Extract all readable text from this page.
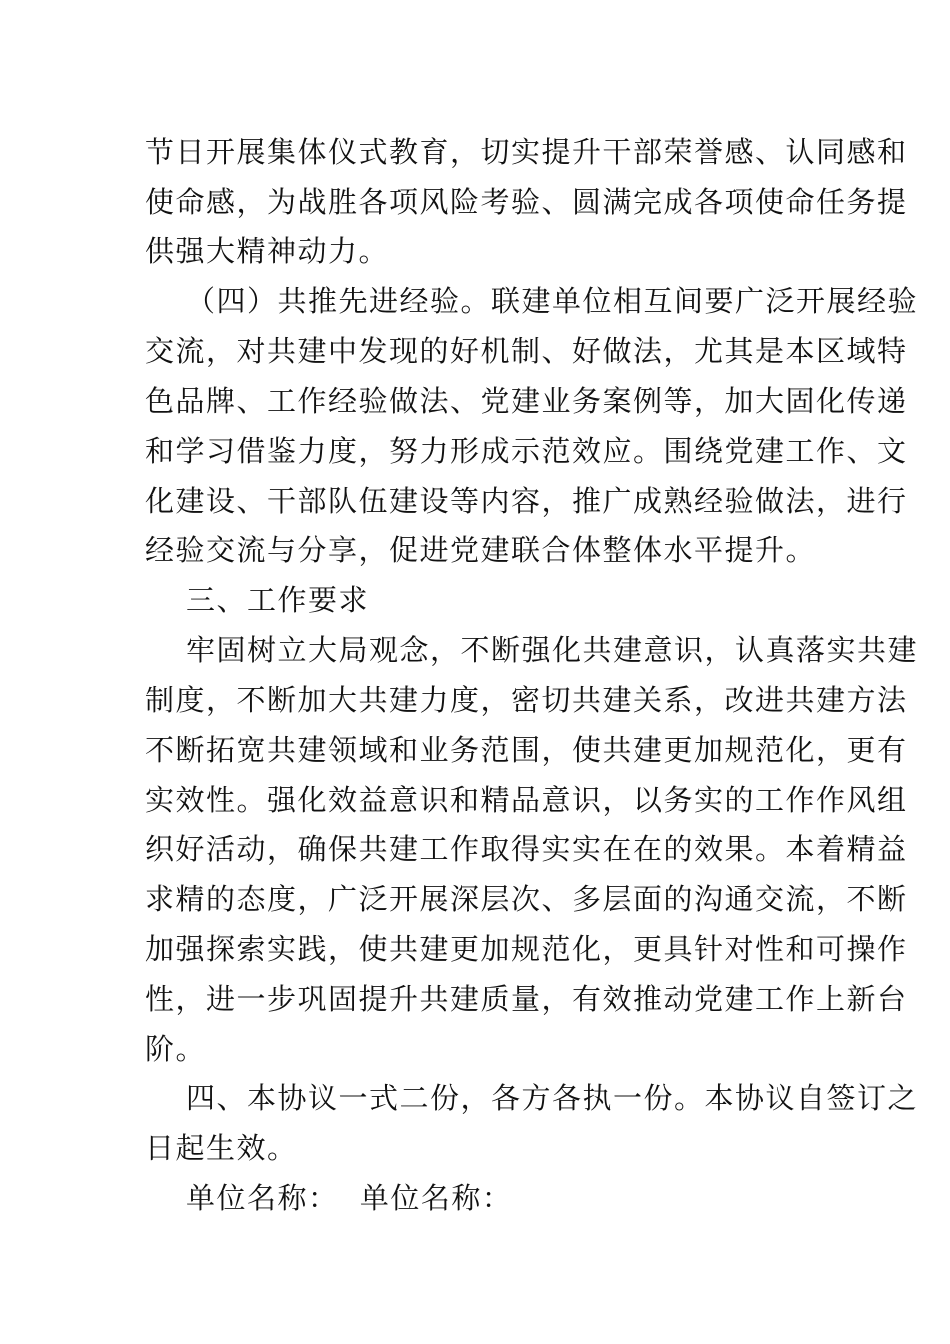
节日开展集体仪式教育，切实提升干部荣誉感、认同感和
使命感，为战胜各项风险考验、圆满完成各项使命任务提
供强大精神动力。
（四）共推先进经验。联建单位相互间要广泛开展经验
交流，对共建中发现的好机制、好做法，尤其是本区域特
色品牌、工作经验做法、党建业务案例等，加大固化传递
和学习借鉴力度，努力形成示范效应。围绕党建工作、文
化建设、干部队伍建设等内容，推广成熟经验做法，进行
经验交流与分享，促进党建联合体整体水平提升。
三、工作要求
牢固树立大局观念，不断强化共建意识，认真落实共建
制度，不断加大共建力度，密切共建关系，改进共建方法
不断拓宽共建领域和业务范围，使共建更加规范化，更有
实效性。强化效益意识和精品意识，以务实的工作作风组
织好活动，确保共建工作取得实实在在的效果。本着精益
求精的态度，广泛开展深层次、多层面的沟通交流，不断
加强探索实践，使共建更加规范化，更具针对性和可操作
性，进一步巩固提升共建质量，有效推动党建工作上新台
阶。
四、本协议一式二份，各方各执一份。本协议自签订之
日起生效。
单位名称：  单位名称：
